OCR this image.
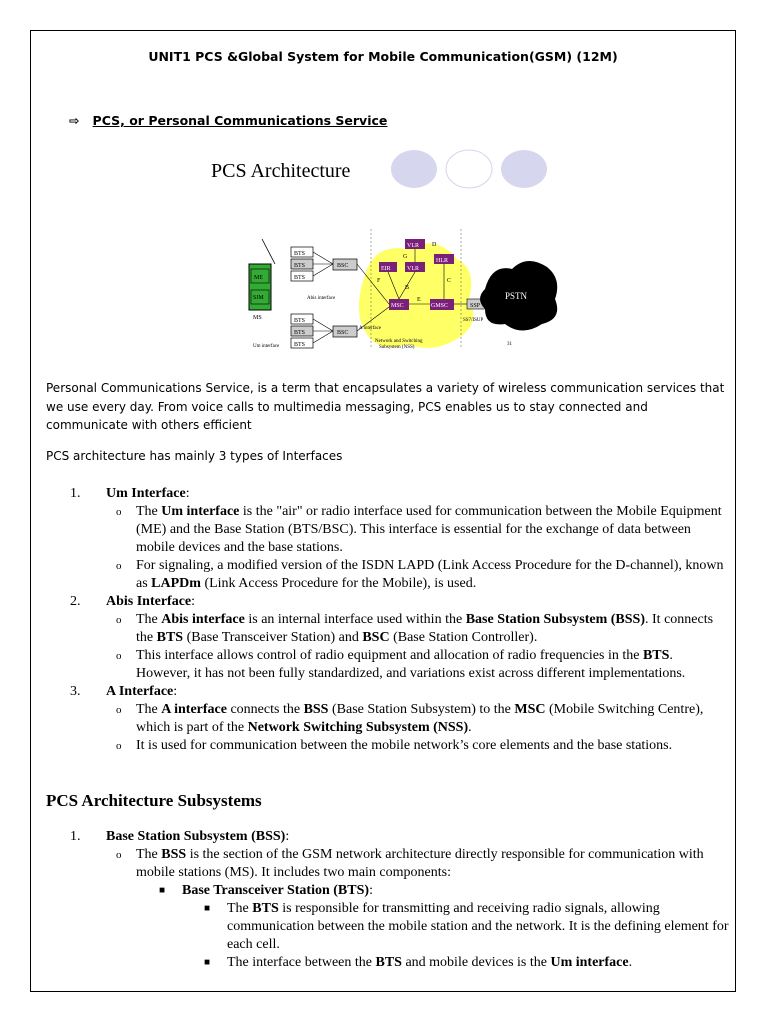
UNIT1 PCS &Global System for Mobile Communication(GSM) (12M)
⇨ PCS, or Personal Communications Service
PCS Architecture
ME
SIM
MS
BTS
BTS
BTS
BSC
Abis interface
BTS
BTS
BTS
BSC
Um interface
VLR
EIR	VLR
HLR
MSC	GMSC
D
G
F
B
C
E
A interface
Network and Switching
Subsystem (NSS)
SSP
PSTN
SS7/ISUP
31
Personal Communications Service, is a term that encapsulates a variety of wireless communication services that we use every day. From voice calls to multimedia messaging, PCS enables us to stay connected and communicate with others efficient
PCS architecture has mainly 3 types of Interfaces
1. Um Interface:
o The Um interface is the "air" or radio interface used for communication between the Mobile Equipment (ME) and the Base Station (BTS/BSC). This interface is essential for the exchange of data between mobile devices and the base stations.
o For signaling, a modified version of the ISDN LAPD (Link Access Procedure for the D-channel), known as LAPDm (Link Access Procedure for the Mobile), is used.
2. Abis Interface:
o The Abis interface is an internal interface used within the Base Station Subsystem (BSS). It connects the BTS (Base Transceiver Station) and BSC (Base Station Controller).
o This interface allows control of radio equipment and allocation of radio frequencies in the BTS. However, it has not been fully standardized, and variations exist across different implementations.
3. A Interface:
o The A interface connects the BSS (Base Station Subsystem) to the MSC (Mobile Switching Centre), which is part of the Network Switching Subsystem (NSS).
o It is used for communication between the mobile network’s core elements and the base stations.
PCS Architecture Subsystems
1. Base Station Subsystem (BSS):
o The BSS is the section of the GSM network architecture directly responsible for communication with mobile stations (MS). It includes two main components:
■ Base Transceiver Station (BTS):
■ The BTS is responsible for transmitting and receiving radio signals, allowing communication between the mobile station and the network. It is the defining element for each cell.
■ The interface between the BTS and mobile devices is the Um interface.
